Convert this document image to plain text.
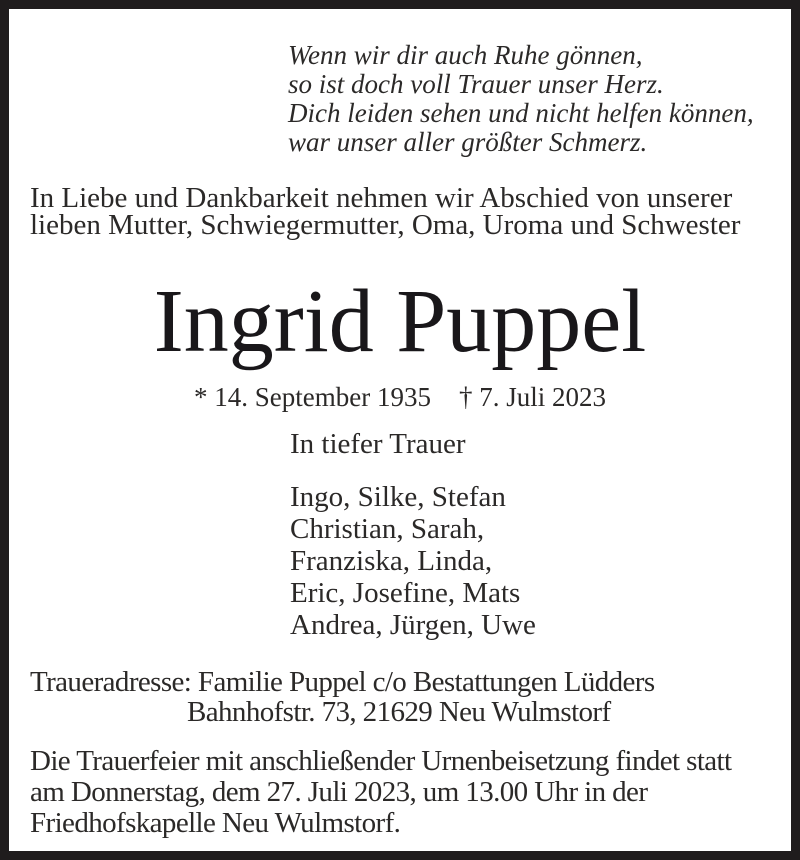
Wenn wir dir auch Ruhe gönnen,
so ist doch voll Trauer unser Herz.
Dich leiden sehen und nicht helfen können,
war unser aller größter Schmerz.
In Liebe und Dankbarkeit nehmen wir Abschied von unserer
lieben Mutter, Schwiegermutter, Oma, Uroma und Schwester
Ingrid Puppel
* 14. September 1935 † 7. Juli 2023
In tiefer Trauer
Ingo, Silke, Stefan
Christian, Sarah,
Franziska, Linda,
Eric, Josefine, Mats
Andrea, Jürgen, Uwe
Traueradresse: Familie Puppel c/o Bestattungen Lüdders
Bahnhofstr. 73, 21629 Neu Wulmstorf
Die Trauerfeier mit anschließender Urnenbeisetzung findet statt
am Donnerstag, dem 27. Juli 2023, um 13.00 Uhr in der
Friedhofskapelle Neu Wulmstorf.
